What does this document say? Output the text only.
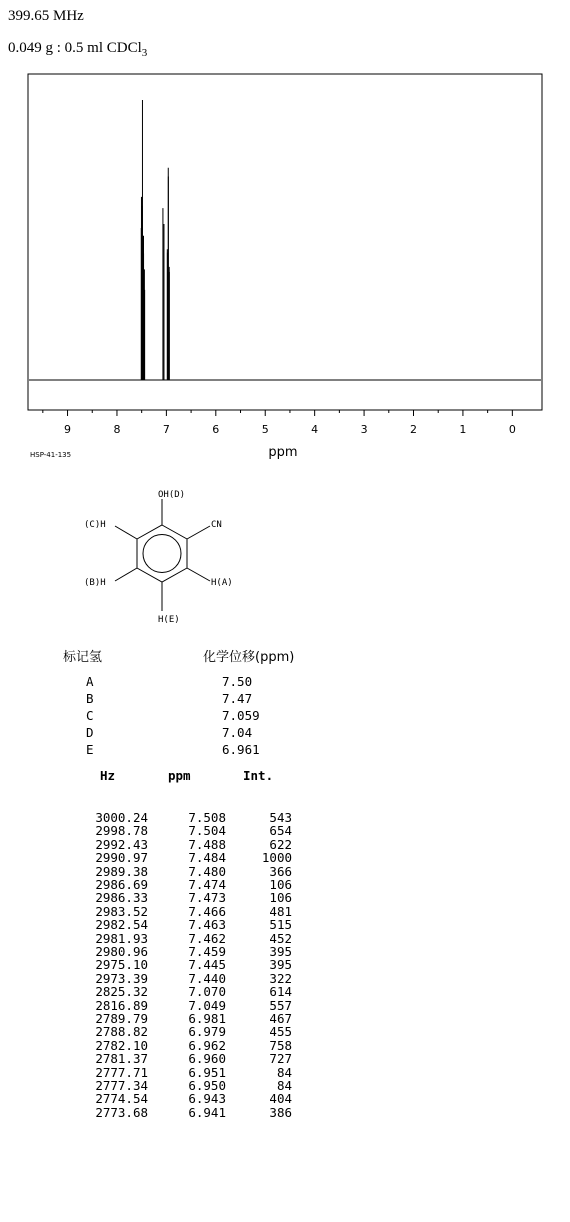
399.65 MHz
0.049 g : 0.5 ml CDCl$_3$
9	8	7	6	5	4	3	2	1	0
ppm
HSP-41-135
OH(D)
CN
(C)H
(B)H	H(A)
H(E)
标记氢	化学位移(ppm)
A	7.50
B	7.47
C	7.059
D	7.04
E	6.961
Hz	ppm	Int.
3000.24	7.508	543
2998.78	7.504	654
2992.43	7.488	622
2990.97	7.484	1000
2989.38	7.480	366
2986.69	7.474	106
2986.33	7.473	106
2983.52	7.466	481
2982.54	7.463	515
2981.93	7.462	452
2980.96	7.459	395
2975.10	7.445	395
2973.39	7.440	322
2825.32	7.070	614
2816.89	7.049	557
2789.79	6.981	467
2788.82	6.979	455
2782.10	6.962	758
2781.37	6.960	727
2777.71	6.951	84
2777.34	6.950	84
2774.54	6.943	404
2773.68	6.941	386
